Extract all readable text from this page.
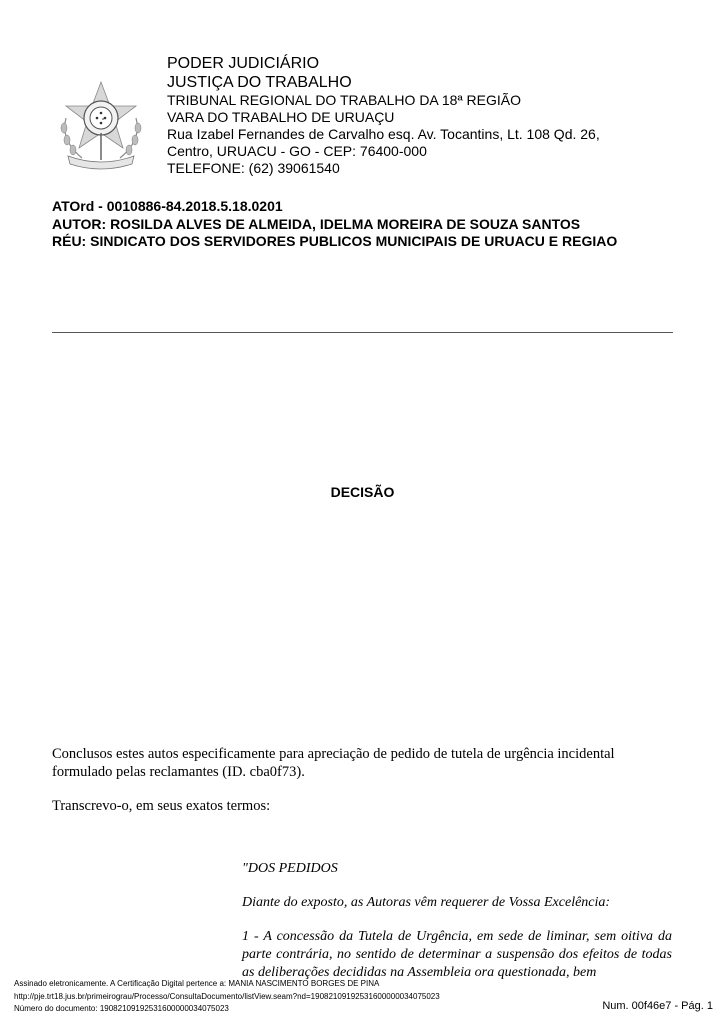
PODER JUDICIÁRIO

JUSTIÇA DO TRABALHO

TRIBUNAL REGIONAL DO TRABALHO DA 18ª REGIÃO

VARA DO TRABALHO DE URUAÇU

Rua Izabel Fernandes de Carvalho esq. Av. Tocantins, Lt. 108 Qd. 26,

Centro, URUACU - GO - CEP: 76400-000

TELEFONE: (62) 39061540

ATOrd - 0010886-84.2018.5.18.0201

AUTOR: ROSILDA ALVES DE ALMEIDA, IDELMA MOREIRA DE SOUZA SANTOS

RÉU: SINDICATO DOS SERVIDORES PUBLICOS MUNICIPAIS DE URUACU E REGIAO

DECISÃO
Conclusos estes autos especificamente para apreciação de pedido de tutela de urgência incidental formulado pelas reclamantes (ID. cba0f73).
Transcrevo-o, em seus exatos termos:
"DOS PEDIDOS
Diante do exposto, as Autoras vêm requerer de Vossa Excelência:
1 - A concessão da Tutela de Urgência, em sede de liminar, sem oitiva da parte contrária, no sentido de determinar a suspensão dos efeitos de todas as deliberações decididas na Assembleia ora questionada, bem
Assinado eletronicamente. A Certificação Digital pertence a: MANIA NASCIMENTO BORGES DE PINA
http://pje.trt18.jus.br/primeirograu/Processo/ConsultaDocumento/listView.seam?nd=19082109192531600000034075023
Número do documento: 19082109192531600000034075023	Num. 00f46e7 - Pág. 1
